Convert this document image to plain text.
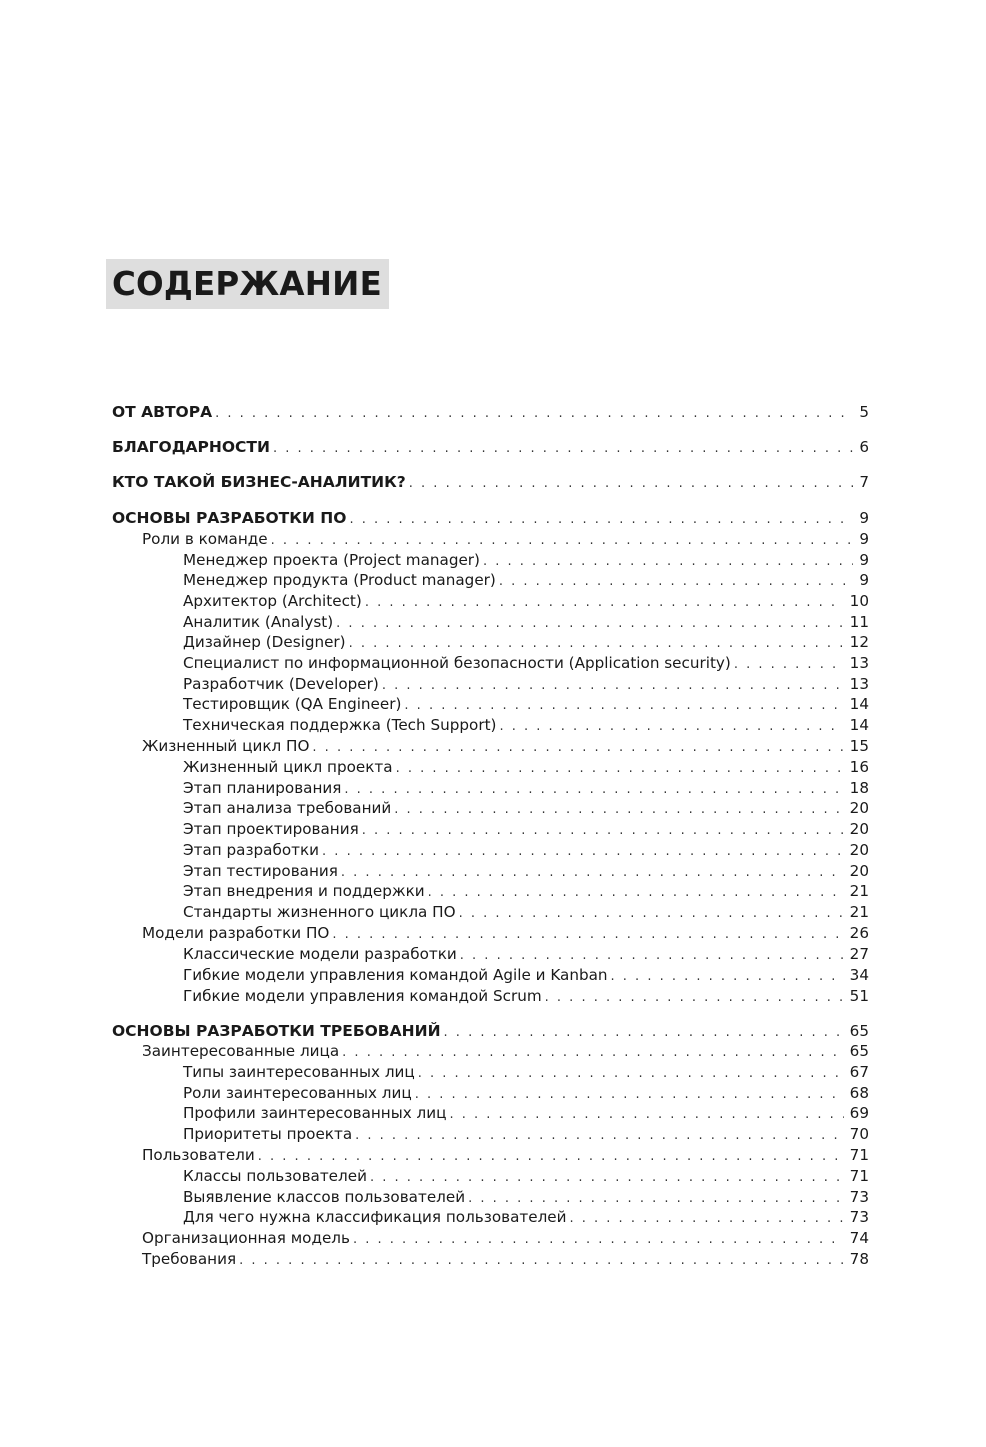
СОДЕРЖАНИЕ
ОТ АВТОРА . . .	5
БЛАГОДАРНОСТИ . . .	6
КТО ТАКОЙ БИЗНЕС-АНАЛИТИК? . . .	7
ОСНОВЫ РАЗРАБОТКИ ПО . . .	9
Роли в команде . . .	9
Менеджер проекта (Project manager) . . .	9
Менеджер продукта (Product manager) . . .	9
Архитектор (Architect) . . .	10
Аналитик (Analyst) . . .	11
Дизайнер (Designer) . . .	12
Специалист по информационной безопасности (Application security) . . .	13
Разработчик (Developer) . . .	13
Тестировщик (QA Engineer) . . .	14
Техническая поддержка (Tech Support) . . .	14
Жизненный цикл ПО . . .	15
Жизненный цикл проекта . . .	16
Этап планирования . . .	18
Этап анализа требований . . .	20
Этап проектирования . . .	20
Этап разработки . . .	20
Этап тестирования . . .	20
Этап внедрения и поддержки . . .	21
Стандарты жизненного цикла ПО . . .	21
Модели разработки ПО . . .	26
Классические модели разработки . . .	27
Гибкие модели управления командой Agile и Kanban . . .	34
Гибкие модели управления командой Scrum . . .	51
ОСНОВЫ РАЗРАБОТКИ ТРЕБОВАНИЙ . . .	65
Заинтересованные лица . . .	65
Типы заинтересованных лиц . . .	67
Роли заинтересованных лиц . . .	68
Профили заинтересованных лиц . . .	69
Приоритеты проекта . . .	70
Пользователи . . .	71
Классы пользователей . . .	71
Выявление классов пользователей . . .	73
Для чего нужна классификация пользователей . . .	73
Организационная модель . . .	74
Требования . . .	78
